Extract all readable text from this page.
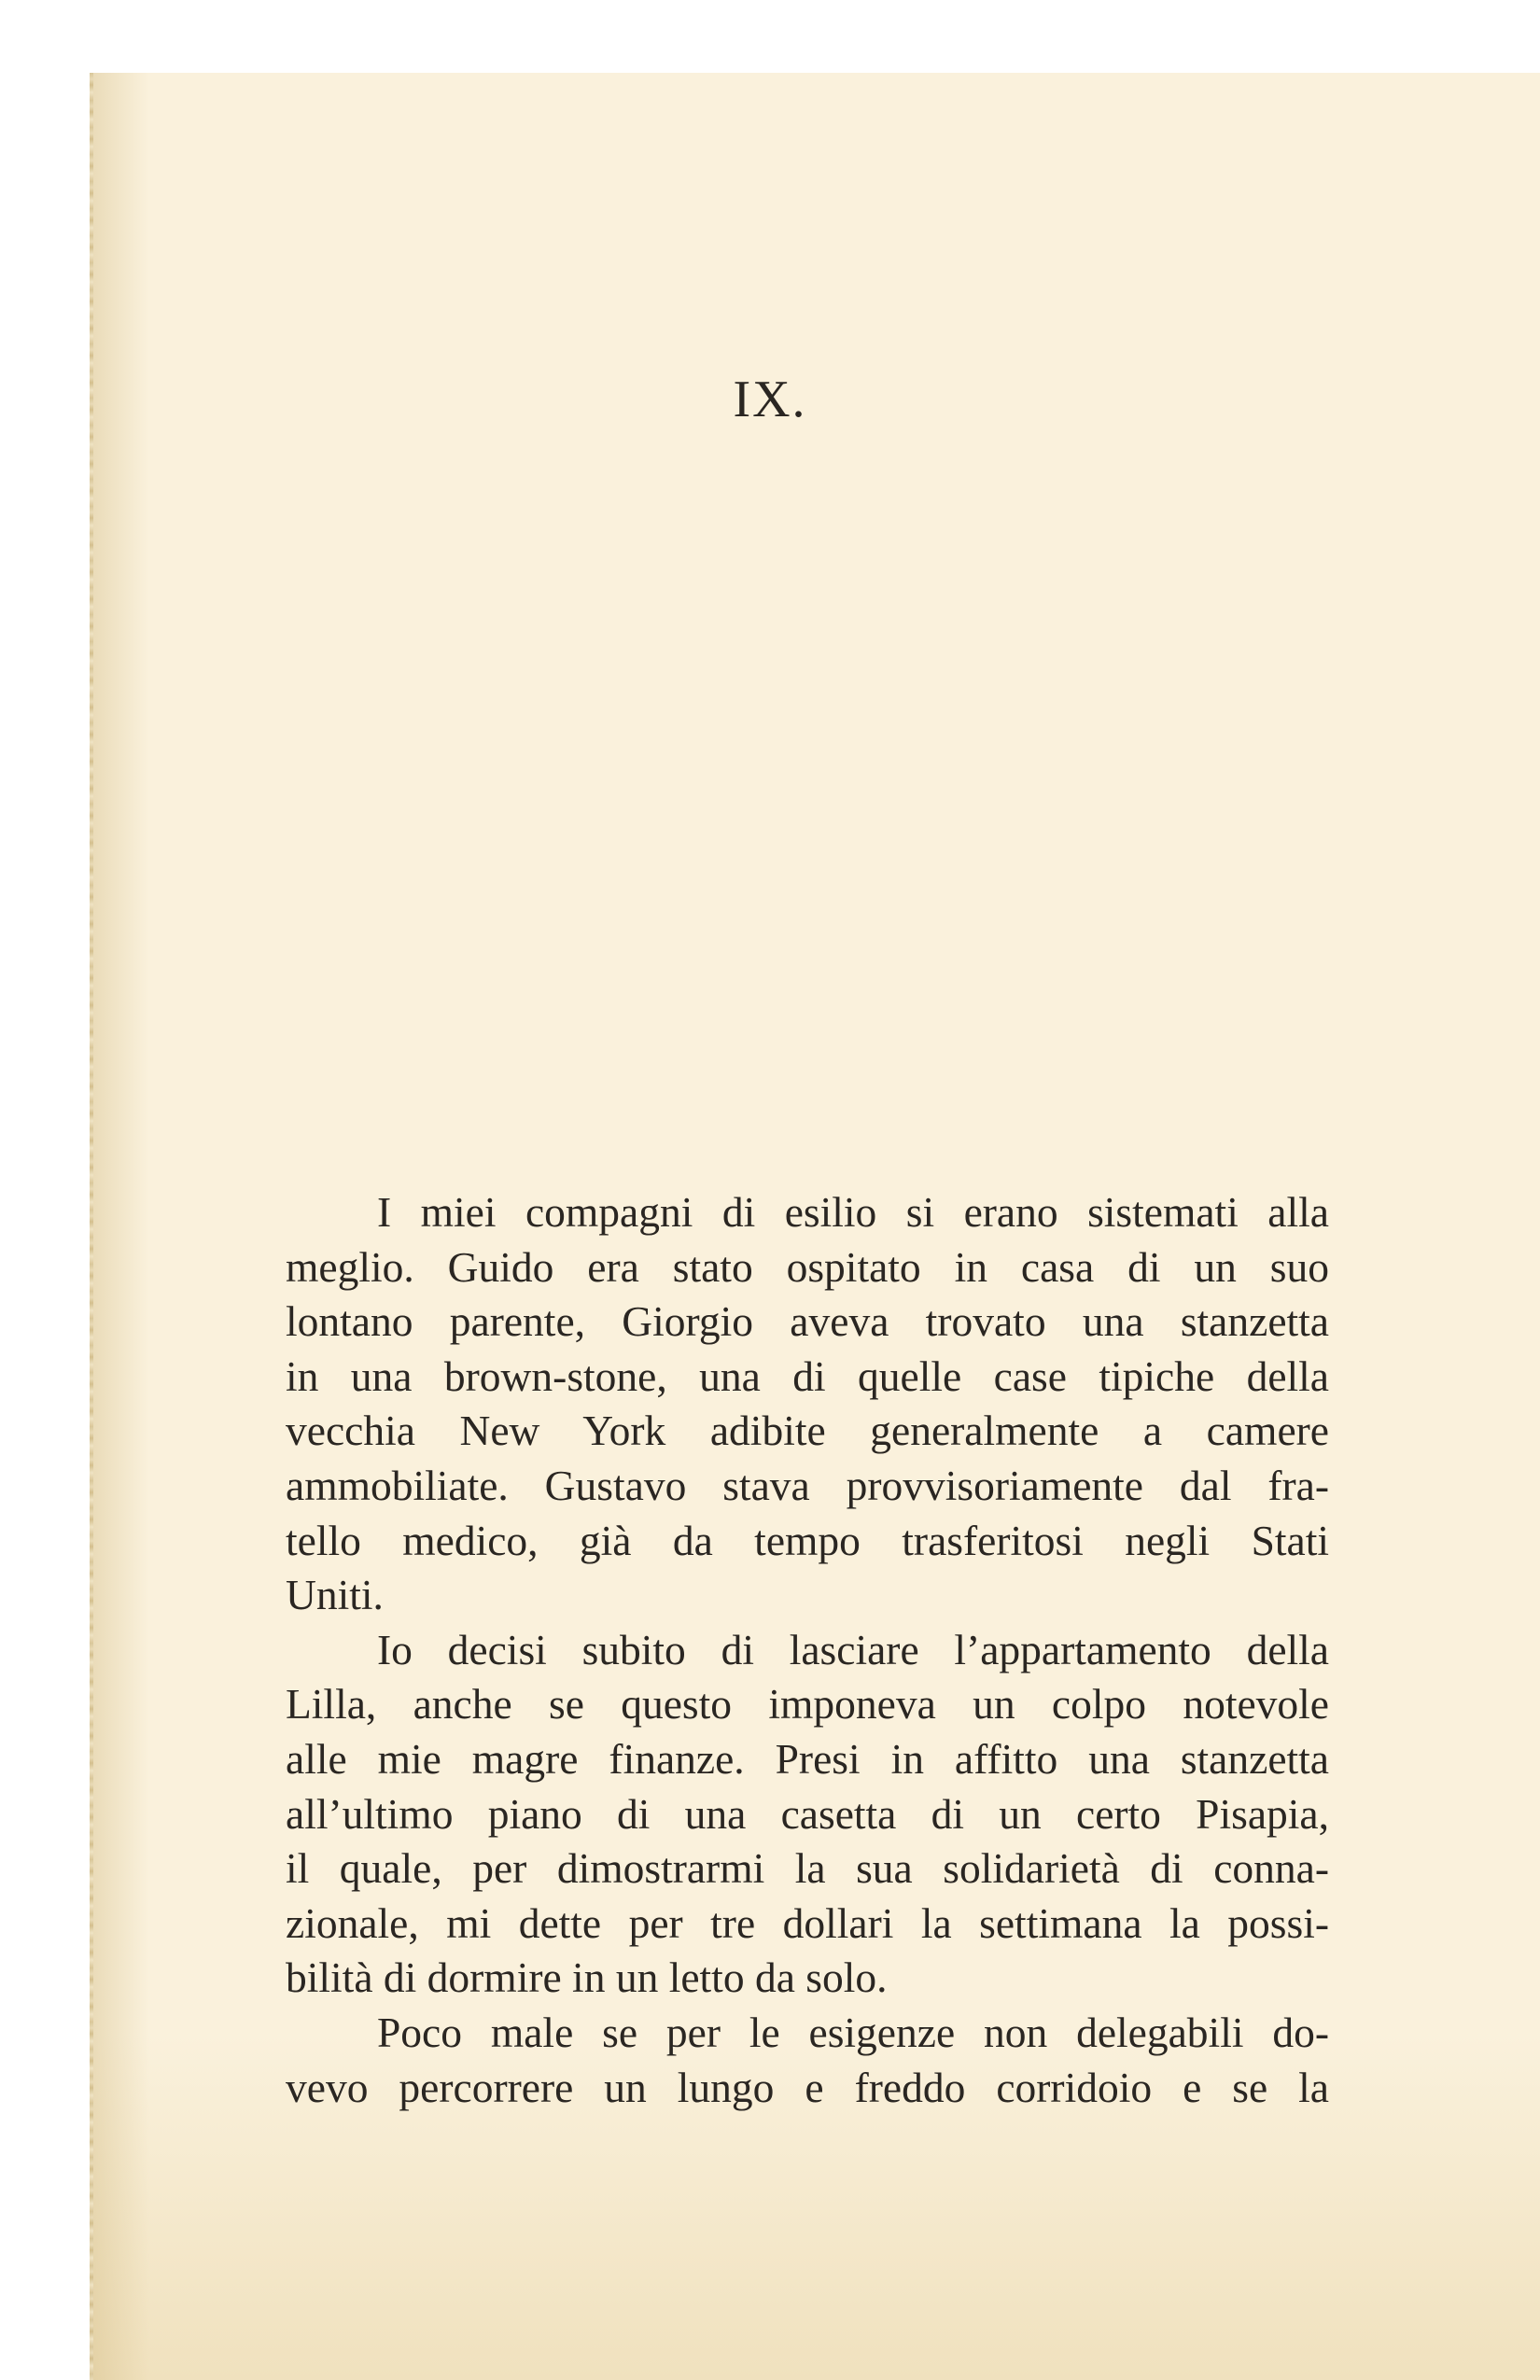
IX.

I miei compagni di esilio si erano sistemati alla
meglio. Guido era stato ospitato in casa di un suo
lontano parente, Giorgio aveva trovato una stanzetta
in una brown-stone, una di quelle case tipiche della
vecchia New York adibite generalmente a camere
ammobiliate. Gustavo stava provvisoriamente dal fra-
tello medico, già da tempo trasferitosi negli Stati
Uniti.

Io decisi subito di lasciare l’appartamento della
Lilla, anche se questo imponeva un colpo notevole
alle mie magre finanze. Presi in affitto una stanzetta
all’ultimo piano di una casetta di un certo Pisapia,
il quale, per dimostrarmi la sua solidarietà di conna-
zionale, mi dette per tre dollari la settimana la possi-
bilità di dormire in un letto da solo.

Poco male se per le esigenze non delegabili do-
vevo percorrere un lungo e freddo corridoio e se la
